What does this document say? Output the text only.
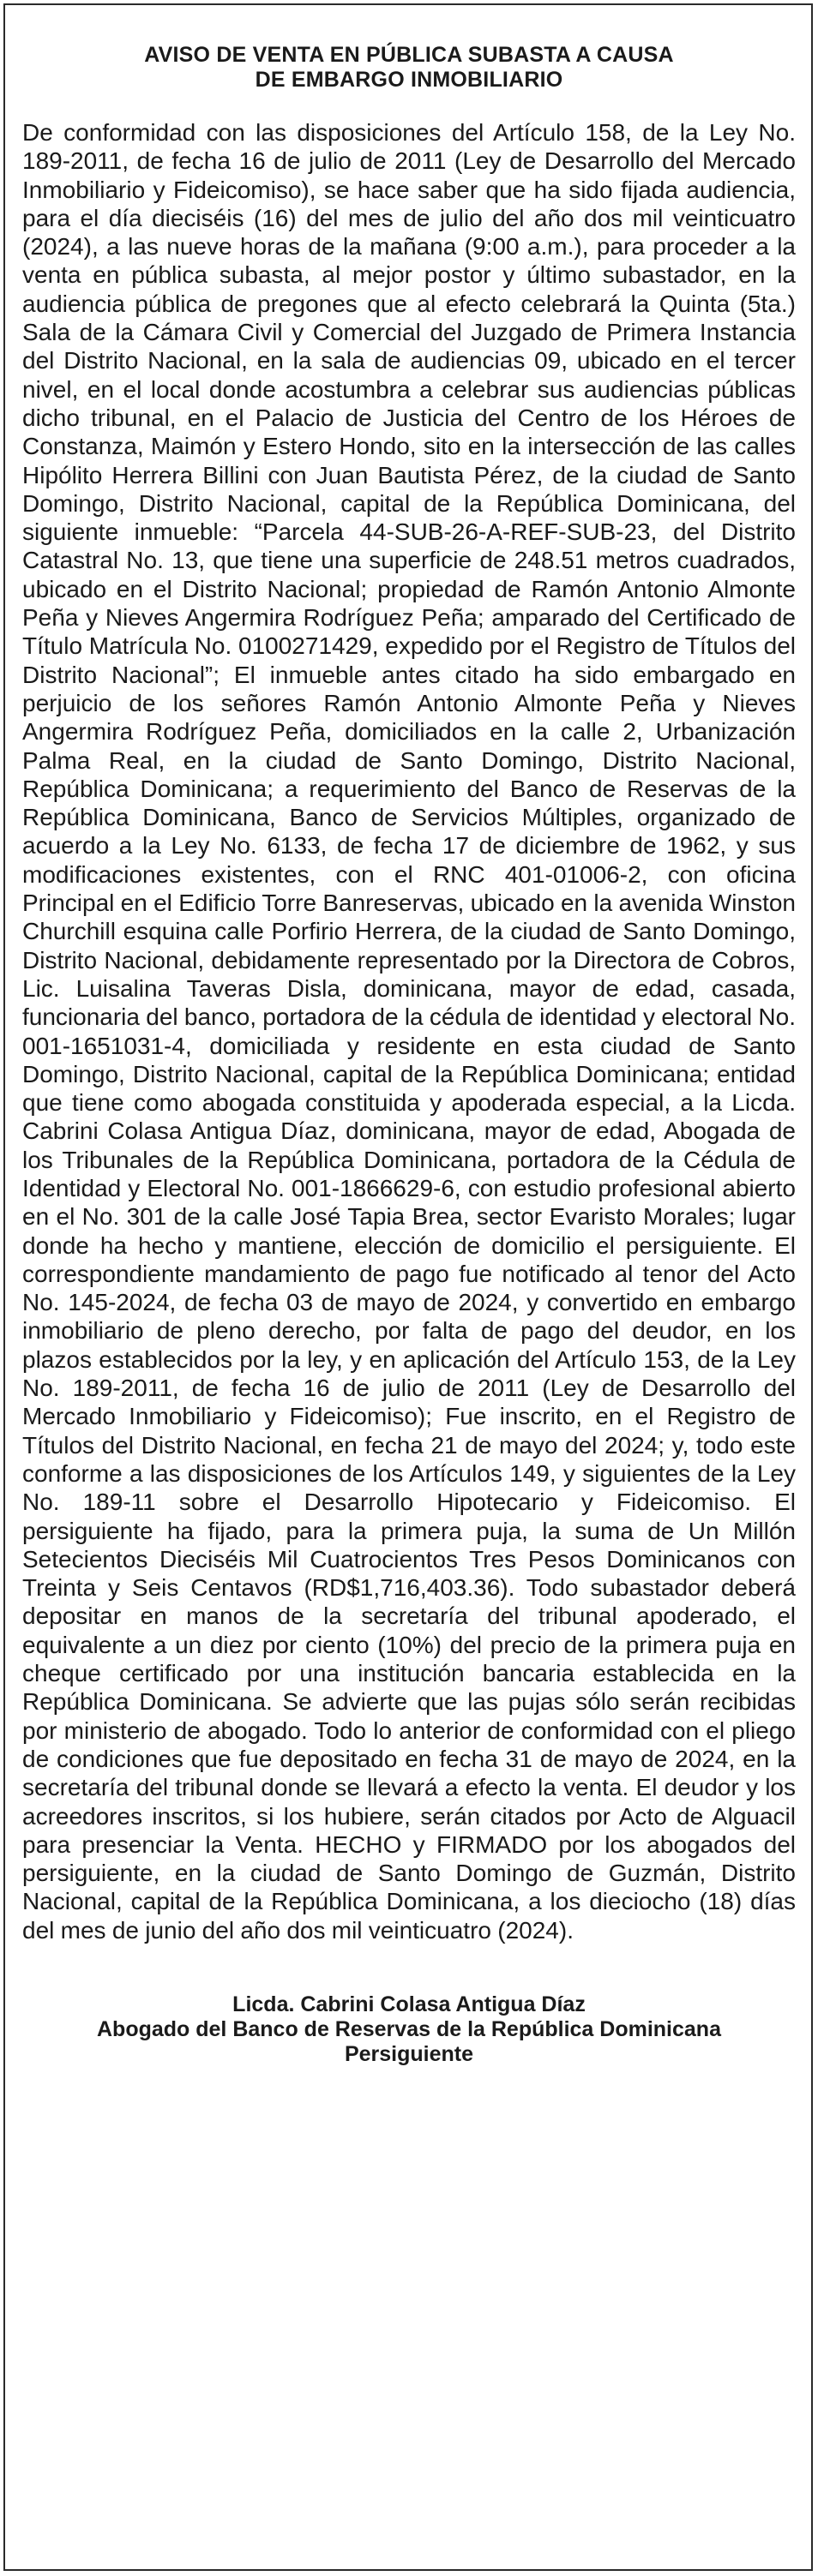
AVISO DE VENTA EN PÚBLICA SUBASTA A CAUSA
DE EMBARGO INMOBILIARIO

De conformidad con las disposiciones del Artículo 158, de la Ley No. 189-2011, de fecha 16 de julio de 2011 (Ley de Desarrollo del Mercado Inmobiliario y Fideicomiso), se hace saber que ha sido fijada audiencia, para el día dieciséis (16) del mes de julio del año dos mil veinticuatro (2024), a las nueve horas de la mañana (9:00 a.m.), para proceder a la venta en pública subasta, al mejor postor y último subastador, en la audiencia pública de pregones que al efecto celebrará la Quinta (5ta.) Sala de la Cámara Civil y Comercial del Juzgado de Primera Instancia del Distrito Nacional, en la sala de audiencias 09, ubicado en el tercer nivel, en el local donde acostumbra a celebrar sus audiencias públicas dicho tribunal, en el Palacio de Justicia del Centro de los Héroes de Constanza, Maimón y Estero Hondo, sito en la intersección de las calles Hipólito Herrera Billini con Juan Bautista Pérez, de la ciudad de Santo Domingo, Distrito Nacional, capital de la República Dominicana, del siguiente inmueble: “Parcela 44-SUB-26-A-REF-SUB-23, del Distrito Catastral No. 13, que tiene una superficie de 248.51 metros cuadrados, ubicado en el Distrito Nacional; propiedad de Ramón Antonio Almonte Peña y Nieves Angermira Rodríguez Peña; amparado del Certificado de Título Matrícula No. 0100271429, expedido por el Registro de Títulos del Distrito Nacional”; El inmueble antes citado ha sido embargado en perjuicio de los señores Ramón Antonio Almonte Peña y Nieves Angermira Rodríguez Peña, domiciliados en la calle 2, Urbanización Palma Real, en la ciudad de Santo Domingo, Distrito Nacional, República Dominicana; a requerimiento del Banco de Reservas de la República Dominicana, Banco de Servicios Múltiples, organizado de acuerdo a la Ley No. 6133, de fecha 17 de diciembre de 1962, y sus modificaciones existentes, con el RNC 401-01006-2, con oficina Principal en el Edificio Torre Banreservas, ubicado en la avenida Winston Churchill esquina calle Porfirio Herrera, de la ciudad de Santo Domingo, Distrito Nacional, debidamente representado por la Directora de Cobros, Lic. Luisalina Taveras Disla, dominicana, mayor de edad, casada, funcionaria del banco, portadora de la cédula de identidad y electoral No. 001-1651031-4, domiciliada y residente en esta ciudad de Santo Domingo, Distrito Nacional, capital de la República Dominicana; entidad que tiene como abogada constituida y apoderada especial, a la Licda. Cabrini Colasa Antigua Díaz, dominicana, mayor de edad, Abogada de los Tribunales de la República Dominicana, portadora de la Cédula de Identidad y Electoral No. 001-1866629-6, con estudio profesional abierto en el No. 301 de la calle José Tapia Brea, sector Evaristo Morales; lugar donde ha hecho y mantiene, elección de domicilio el persiguiente. El correspondiente mandamiento de pago fue notificado al tenor del Acto No. 145-2024, de fecha 03 de mayo de 2024, y convertido en embargo inmobiliario de pleno derecho, por falta de pago del deudor, en los plazos establecidos por la ley, y en aplicación del Artículo 153, de la Ley No. 189-2011, de fecha 16 de julio de 2011 (Ley de Desarrollo del Mercado Inmobiliario y Fideicomiso); Fue inscrito, en el Registro de Títulos del Distrito Nacional, en fecha 21 de mayo del 2024; y, todo este conforme a las disposiciones de los Artículos 149, y siguientes de la Ley No. 189-11 sobre el Desarrollo Hipotecario y Fideicomiso. El persiguiente ha fijado, para la primera puja, la suma de Un Millón Setecientos Dieciséis Mil Cuatrocientos Tres Pesos Dominicanos con Treinta y Seis Centavos (RD$1,716,403.36). Todo subastador deberá depositar en manos de la secretaría del tribunal apoderado, el equivalente a un diez por ciento (10%) del precio de la primera puja en cheque certificado por una institución bancaria establecida en la República Dominicana. Se advierte que las pujas sólo serán recibidas por ministerio de abogado. Todo lo anterior de conformidad con el pliego de condiciones que fue depositado en fecha 31 de mayo de 2024, en la secretaría del tribunal donde se llevará a efecto la venta. El deudor y los acreedores inscritos, si los hubiere, serán citados por Acto de Alguacil para presenciar la Venta. HECHO y FIRMADO por los abogados del persiguiente, en la ciudad de Santo Domingo de Guzmán, Distrito Nacional, capital de la República Dominicana, a los dieciocho (18) días del mes de junio del año dos mil veinticuatro (2024).

Licda. Cabrini Colasa Antigua Díaz
Abogado del Banco de Reservas de la República Dominicana
Persiguiente
